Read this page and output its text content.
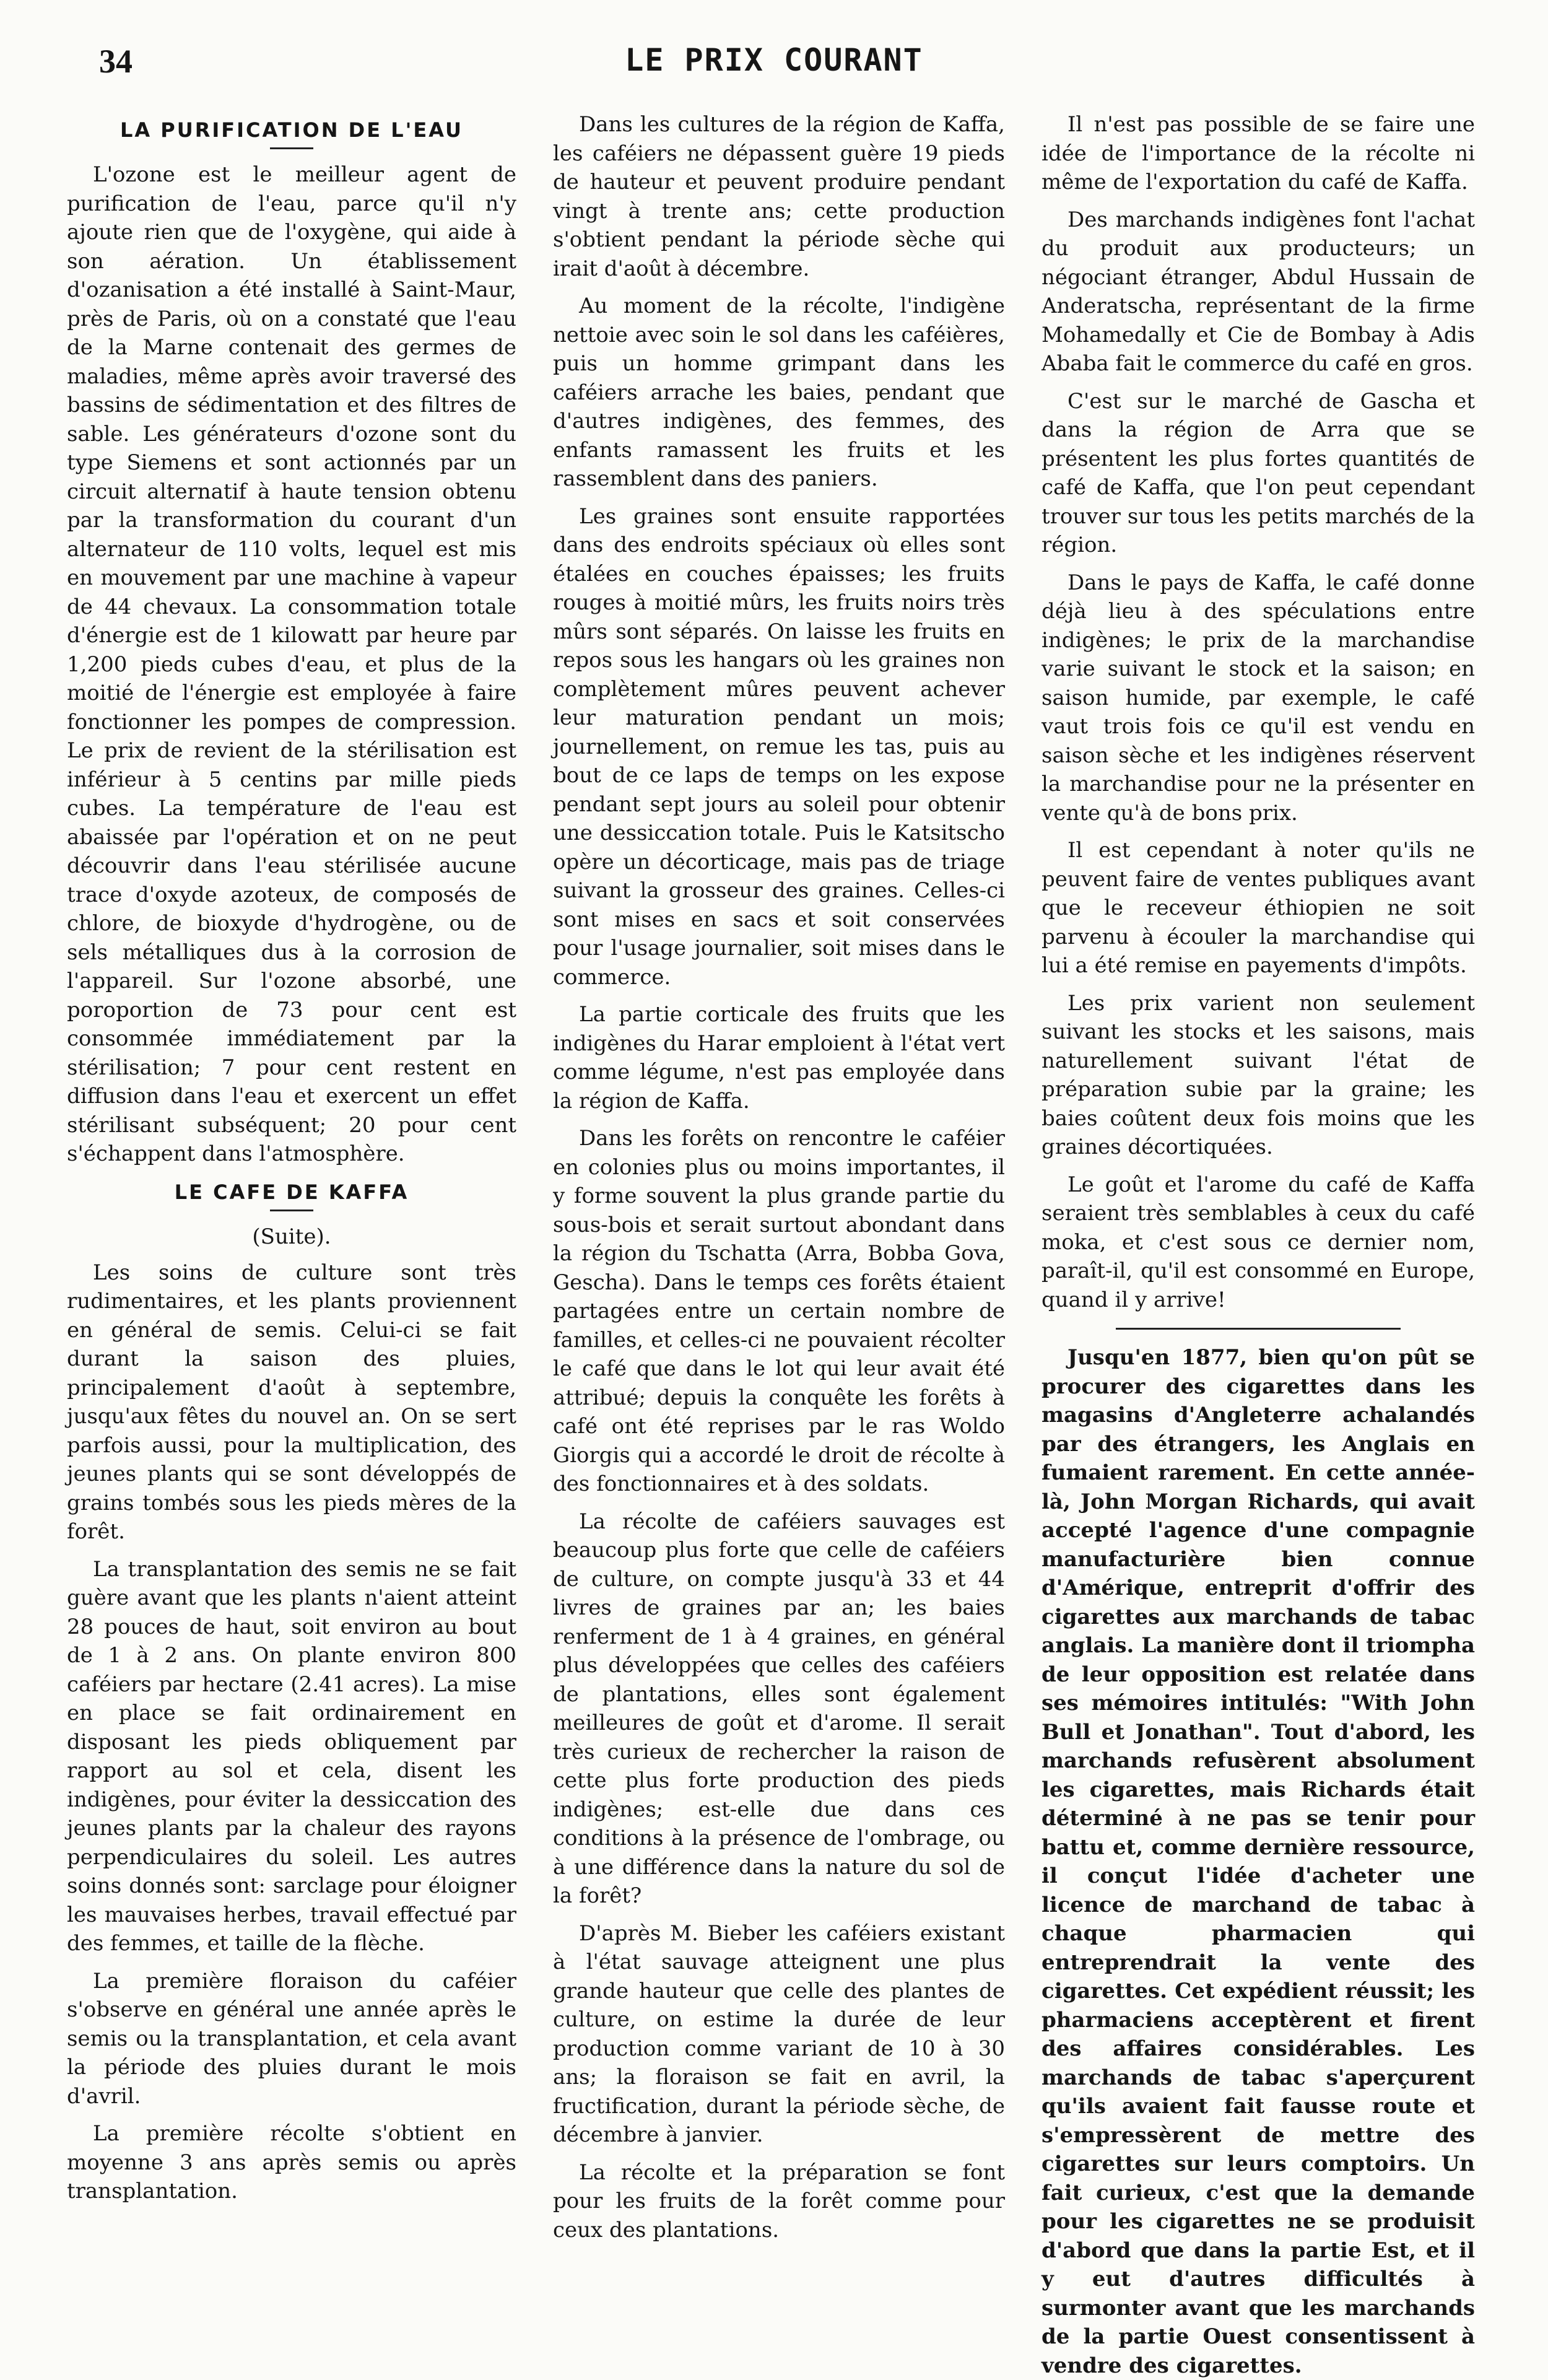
34	LE PRIX COURANT
LA PURIFICATION DE L'EAU

L'ozone est le meilleur agent de purification de l'eau, parce qu'il n'y ajoute rien que de l'oxygène, qui aide à son aération. Un établissement d'ozanisation a été installé à Saint-Maur, près de Paris, où on a constaté que l'eau de la Marne contenait des germes de maladies, même après avoir traversé des bassins de sédimentation et des filtres de sable. Les générateurs d'ozone sont du type Siemens et sont actionnés par un circuit alternatif à haute tension obtenu par la transformation du courant d'un alternateur de 110 volts, lequel est mis en mouvement par une machine à vapeur de 44 chevaux. La consommation totale d'énergie est de 1 kilowatt par heure par 1,200 pieds cubes d'eau, et plus de la moitié de l'énergie est employée à faire fonctionner les pompes de compression. Le prix de revient de la stérilisation est inférieur à 5 centins par mille pieds cubes. La température de l'eau est abaissée par l'opération et on ne peut découvrir dans l'eau stérilisée aucune trace d'oxyde azoteux, de composés de chlore, de bioxyde d'hydrogène, ou de sels métalliques dus à la corrosion de l'appareil. Sur l'ozone absorbé, une poroportion de 73 pour cent est consommée immédiatement par la stérilisation; 7 pour cent restent en diffusion dans l'eau et exercent un effet stérilisant subséquent; 20 pour cent s'échappent dans l'atmosphère.

LE CAFE DE KAFFA
(Suite).

Les soins de culture sont très rudimentaires, et les plants proviennent en général de semis. Celui-ci se fait durant la saison des pluies, principalement d'août à septembre, jusqu'aux fêtes du nouvel an. On se sert parfois aussi, pour la multiplication, des jeunes plants qui se sont développés de grains tombés sous les pieds mères de la forêt.

La transplantation des semis ne se fait guère avant que les plants n'aient atteint 28 pouces de haut, soit environ au bout de 1 à 2 ans. On plante environ 800 caféiers par hectare (2.41 acres). La mise en place se fait ordinairement en disposant les pieds obliquement par rapport au sol et cela, disent les indigènes, pour éviter la dessiccation des jeunes plants par la chaleur des rayons perpendiculaires du soleil. Les autres soins donnés sont: sarclage pour éloigner les mauvaises herbes, travail effectué par des femmes, et taille de la flèche.

La première floraison du caféier s'observe en général une année après le semis ou la transplantation, et cela avant la période des pluies durant le mois d'avril.

La première récolte s'obtient en moyenne 3 ans après semis ou après transplantation.

Dans les cultures de la région de Kaffa, les caféiers ne dépassent guère 19 pieds de hauteur et peuvent produire pendant vingt à trente ans; cette production s'obtient pendant la période sèche qui irait d'août à décembre.

Au moment de la récolte, l'indigène nettoie avec soin le sol dans les caféières, puis un homme grimpant dans les caféiers arrache les baies, pendant que d'autres indigènes, des femmes, des enfants ramassent les fruits et les rassemblent dans des paniers.

Les graines sont ensuite rapportées dans des endroits spéciaux où elles sont étalées en couches épaisses; les fruits rouges à moitié mûrs, les fruits noirs très mûrs sont séparés. On laisse les fruits en repos sous les hangars où les graines non complètement mûres peuvent achever leur maturation pendant un mois; journellement, on remue les tas, puis au bout de ce laps de temps on les expose pendant sept jours au soleil pour obtenir une dessiccation totale. Puis le Katsitscho opère un décorticage, mais pas de triage suivant la grosseur des graines. Celles-ci sont mises en sacs et soit conservées pour l'usage journalier, soit mises dans le commerce.

La partie corticale des fruits que les indigènes du Harar emploient à l'état vert comme légume, n'est pas employée dans la région de Kaffa.

Dans les forêts on rencontre le caféier en colonies plus ou moins importantes, il y forme souvent la plus grande partie du sous-bois et serait surtout abondant dans la région du Tschatta (Arra, Bobba Gova, Gescha). Dans le temps ces forêts étaient partagées entre un certain nombre de familles, et celles-ci ne pouvaient récolter le café que dans le lot qui leur avait été attribué; depuis la conquête les forêts à café ont été reprises par le ras Woldo Giorgis qui a accordé le droit de récolte à des fonctionnaires et à des soldats.

La récolte de caféiers sauvages est beaucoup plus forte que celle de caféiers de culture, on compte jusqu'à 33 et 44 livres de graines par an; les baies renferment de 1 à 4 graines, en général plus développées que celles des caféiers de plantations, elles sont également meilleures de goût et d'arome. Il serait très curieux de rechercher la raison de cette plus forte production des pieds indigènes; est-elle due dans ces conditions à la présence de l'ombrage, ou à une différence dans la nature du sol de la forêt?

D'après M. Bieber les caféiers existant à l'état sauvage atteignent une plus grande hauteur que celle des plantes de culture, on estime la durée de leur production comme variant de 10 à 30 ans; la floraison se fait en avril, la fructification, durant la période sèche, de décembre à janvier.

La récolte et la préparation se font pour les fruits de la forêt comme pour ceux des plantations.

Il n'est pas possible de se faire une idée de l'importance de la récolte ni même de l'exportation du café de Kaffa.

Des marchands indigènes font l'achat du produit aux producteurs; un négociant étranger, Abdul Hussain de Anderatscha, représentant de la firme Mohamedally et Cie de Bombay à Adis Ababa fait le commerce du café en gros.

C'est sur le marché de Gascha et dans la région de Arra que se présentent les plus fortes quantités de café de Kaffa, que l'on peut cependant trouver sur tous les petits marchés de la région.

Dans le pays de Kaffa, le café donne déjà lieu à des spéculations entre indigènes; le prix de la marchandise varie suivant le stock et la saison; en saison humide, par exemple, le café vaut trois fois ce qu'il est vendu en saison sèche et les indigènes réservent la marchandise pour ne la présenter en vente qu'à de bons prix.

Il est cependant à noter qu'ils ne peuvent faire de ventes publiques avant que le receveur éthiopien ne soit parvenu à écouler la marchandise qui lui a été remise en payements d'impôts.

Les prix varient non seulement suivant les stocks et les saisons, mais naturellement suivant l'état de préparation subie par la graine; les baies coûtent deux fois moins que les graines décortiquées.

Le goût et l'arome du café de Kaffa seraient très semblables à ceux du café moka, et c'est sous ce dernier nom, paraît-il, qu'il est consommé en Europe, quand il y arrive!

Jusqu'en 1877, bien qu'on pût se procurer des cigarettes dans les magasins d'Angleterre achalandés par des étrangers, les Anglais en fumaient rarement. En cette année-là, John Morgan Richards, qui avait accepté l'agence d'une compagnie manufacturière bien connue d'Amérique, entreprit d'offrir des cigarettes aux marchands de tabac anglais. La manière dont il triompha de leur opposition est relatée dans ses mémoires intitulés: "With John Bull et Jonathan". Tout d'abord, les marchands refusèrent absolument les cigarettes, mais Richards était déterminé à ne pas se tenir pour battu et, comme dernière ressource, il conçut l'idée d'acheter une licence de marchand de tabac à chaque pharmacien qui entreprendrait la vente des cigarettes. Cet expédient réussit; les pharmaciens acceptèrent et firent des affaires considérables. Les marchands de tabac s'aperçurent qu'ils avaient fait fausse route et s'empressèrent de mettre des cigarettes sur leurs comptoirs. Un fait curieux, c'est que la demande pour les cigarettes ne se produisit d'abord que dans la partie Est, et il y eut d'autres difficultés à surmonter avant que les marchands de la partie Ouest consentissent à vendre des cigarettes.
